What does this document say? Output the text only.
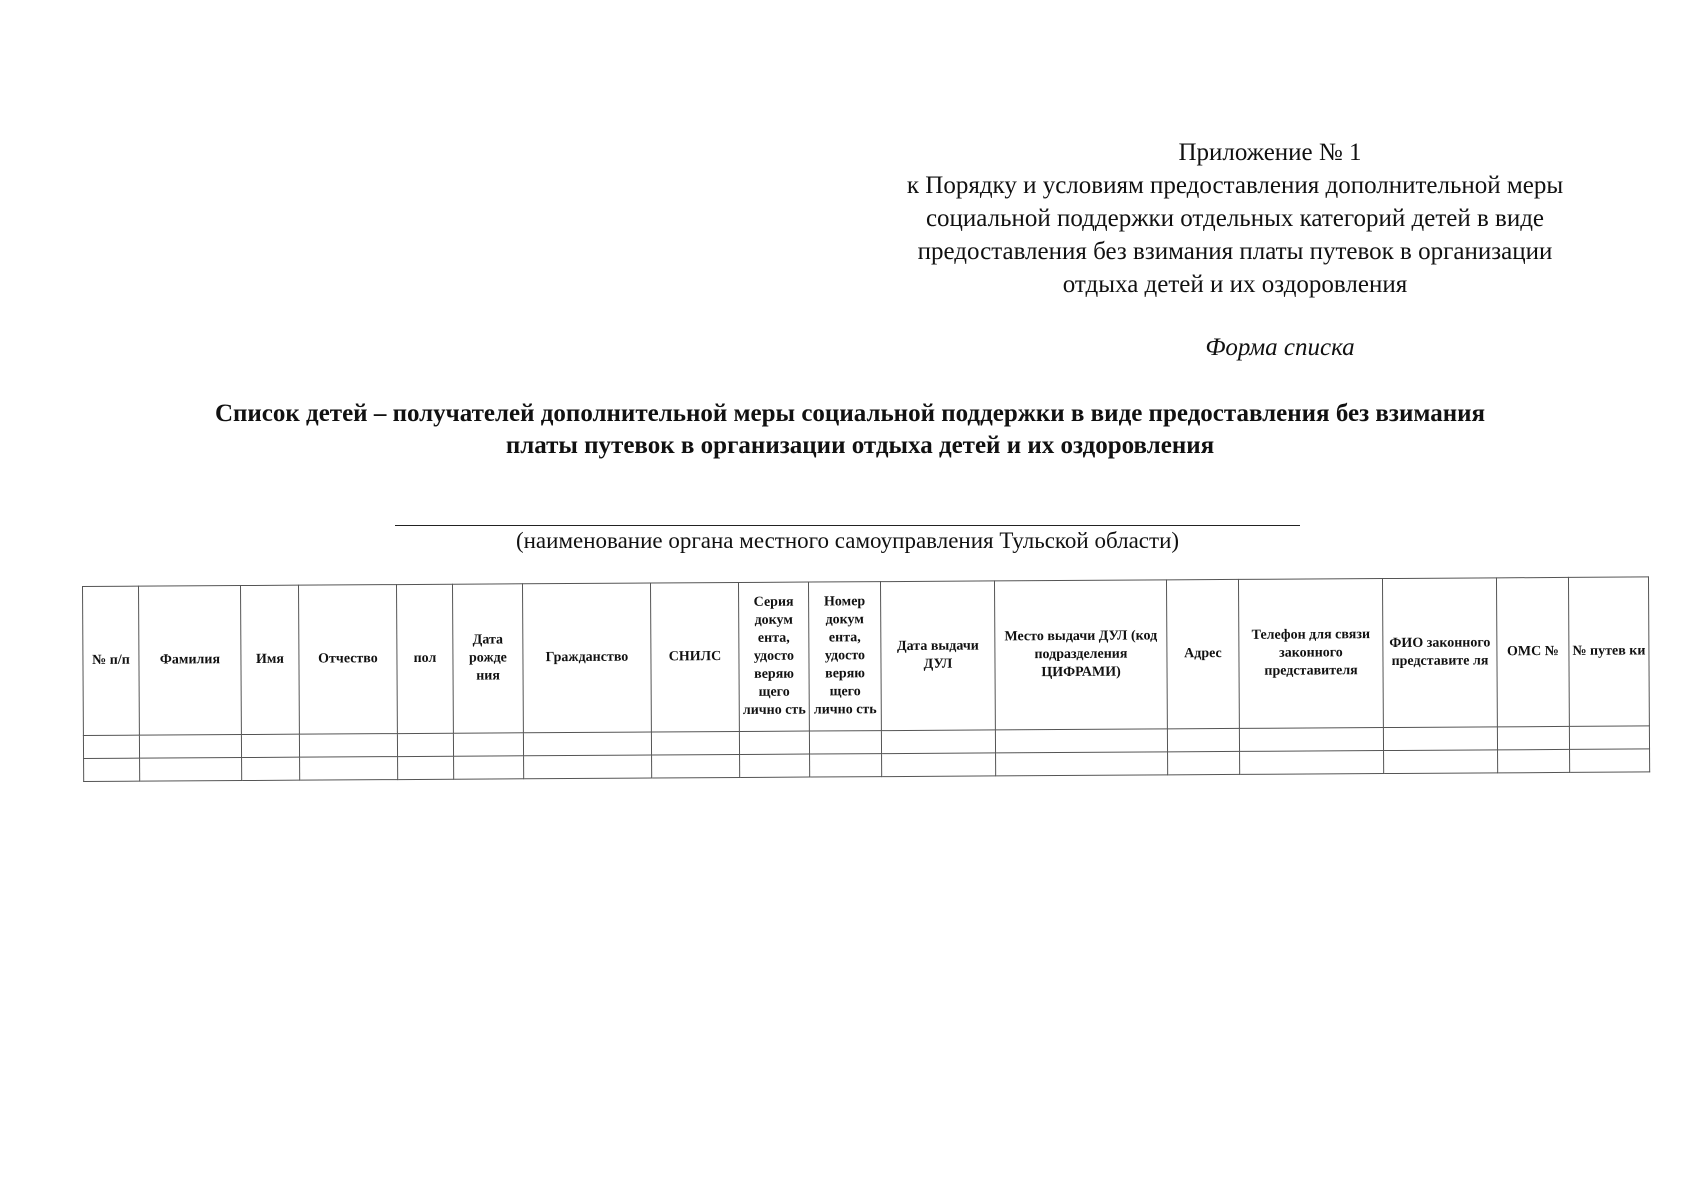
Приложение № 1
к Порядку и условиям предоставления дополнительной меры
социальной поддержки отдельных категорий детей в виде
предоставления без взимания платы путевок в организации
отдыха детей и их оздоровления
Форма списка
Список детей – получателей дополнительной меры социальной поддержки в виде предоставления без взимания
платы путевок в организации отдыха детей и их оздоровления
(наименование органа местного самоуправления Тульской области)
№ п/п	Фамилия	Имя	Отчество	пол	Дата рожде ния	Гражданство	СНИЛС	Серия докум ента, удосто веряю щего лично сть	Номер докум ента, удосто веряю щего лично сть	Дата выдачи ДУЛ	Место выдачи ДУЛ (код подразделения ЦИФРАМИ)	Адрес	Телефон для связи законного представителя	ФИО законного представите ля	ОМС №	№ путев ки
